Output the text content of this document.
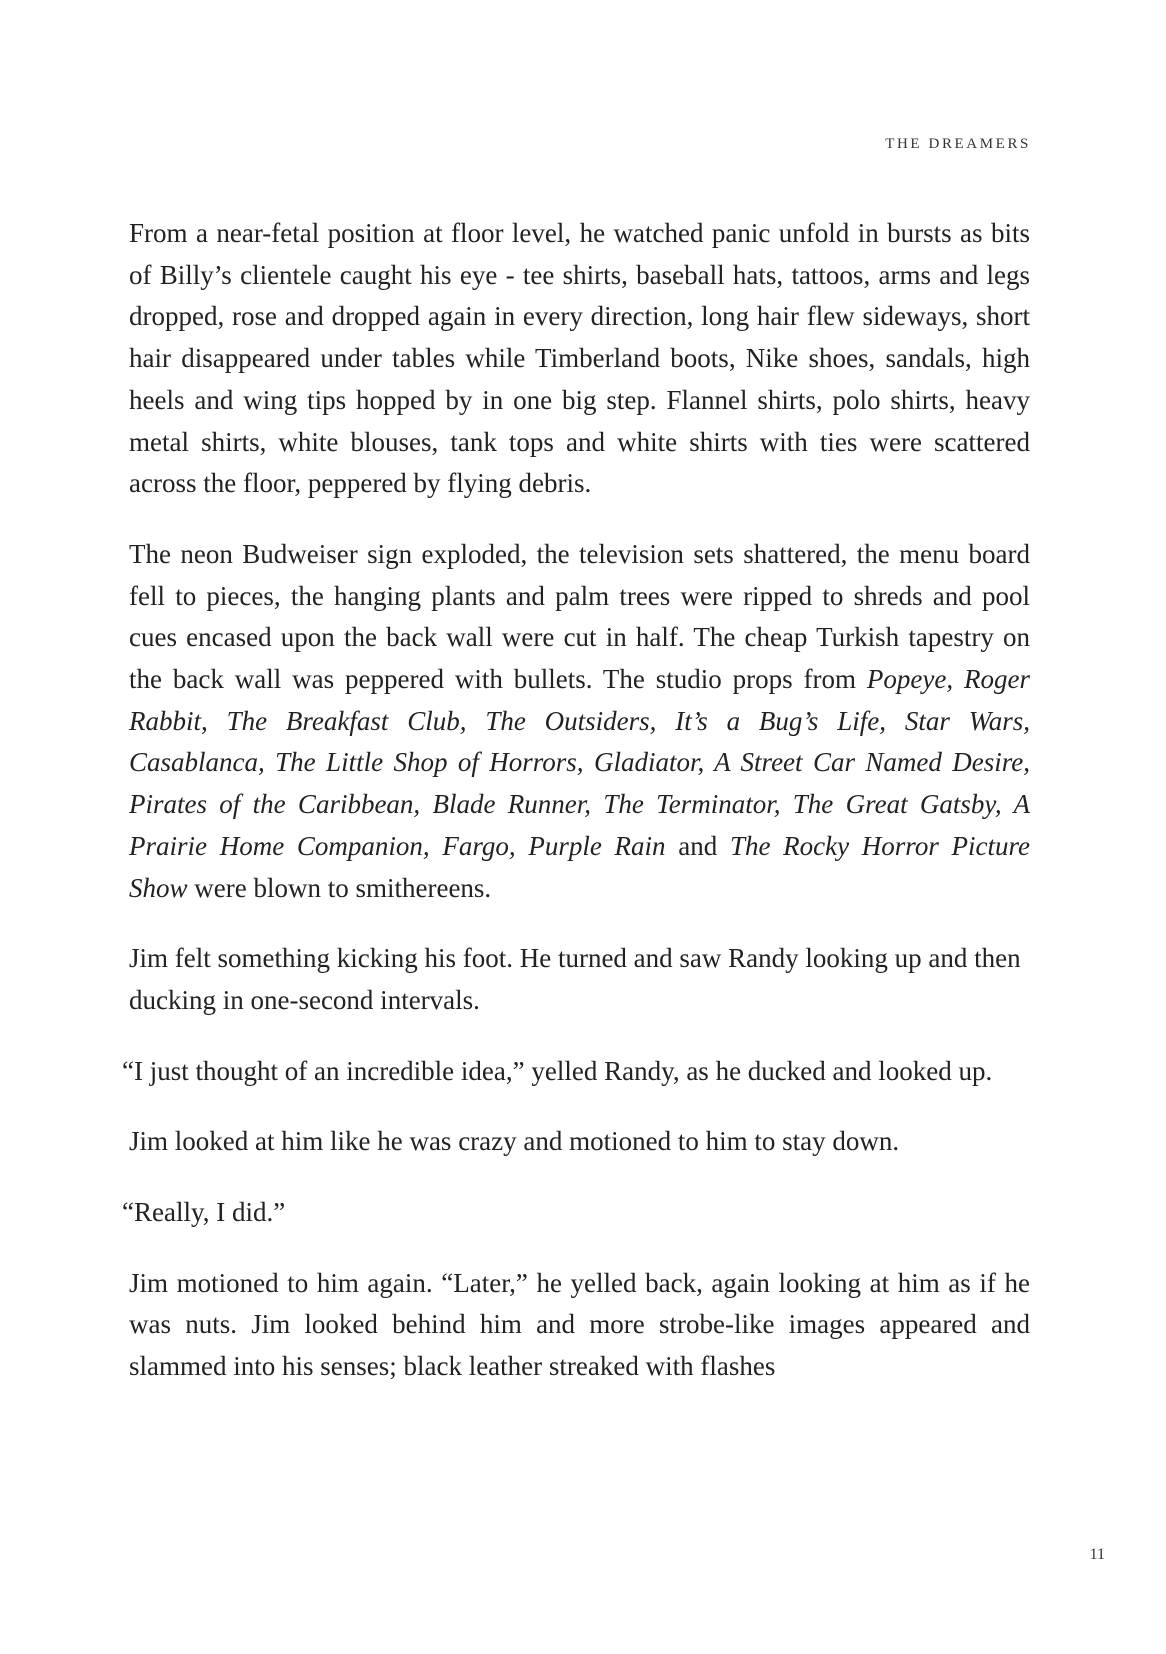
THE DREAMERS

From a near-fetal position at floor level, he watched panic unfold in bursts as bits of Billy’s clientele caught his eye - tee shirts, baseball hats, tattoos, arms and legs dropped, rose and dropped again in every direction, long hair flew sideways, short hair disappeared under tables while Timberland boots, Nike shoes, sandals, high heels and wing tips hopped by in one big step. Flannel shirts, polo shirts, heavy metal shirts, white blouses, tank tops and white shirts with ties were scattered across the floor, peppered by flying debris.

The neon Budweiser sign exploded, the television sets shattered, the menu board fell to pieces, the hanging plants and palm trees were ripped to shreds and pool cues encased upon the back wall were cut in half. The cheap Turkish tapestry on the back wall was peppered with bullets. The studio props from Popeye, Roger Rabbit, The Breakfast Club, The Outsiders, It’s a Bug’s Life, Star Wars, Casablanca, The Little Shop of Horrors, Gladiator, A Street Car Named Desire, Pirates of the Caribbean, Blade Runner, The Terminator, The Great Gatsby, A Prairie Home Companion, Fargo, Purple Rain and The Rocky Horror Picture Show were blown to smithereens.

Jim felt something kicking his foot. He turned and saw Randy looking up and then ducking in one-second intervals.

“I just thought of an incredible idea,” yelled Randy, as he ducked and looked up.

Jim looked at him like he was crazy and motioned to him to stay down.

“Really, I did.”

Jim motioned to him again. “Later,” he yelled back, again looking at him as if he was nuts. Jim looked behind him and more strobe-like images appeared and slammed into his senses; black leather streaked with flashes

11
